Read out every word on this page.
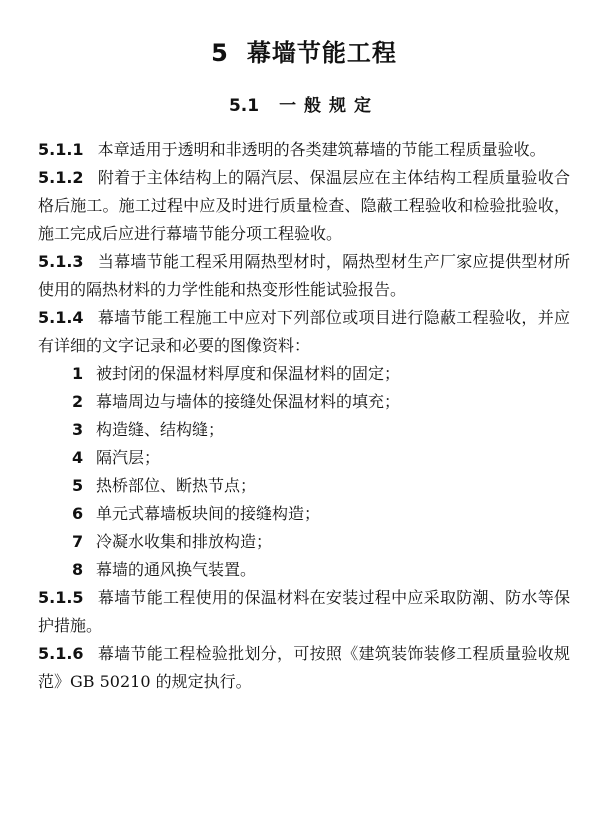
5 幕墙节能工程
5.1 一般规定

5.1.1 本章适用于透明和非透明的各类建筑幕墙的节能工程质量验收。

5.1.2 附着于主体结构上的隔汽层、保温层应在主体结构工程质量验收合格后施工。施工过程中应及时进行质量检查、隐蔽工程验收和检验批验收，施工完成后应进行幕墙节能分项工程验收。

5.1.3 当幕墙节能工程采用隔热型材时，隔热型材生产厂家应提供型材所使用的隔热材料的力学性能和热变形性能试验报告。

5.1.4 幕墙节能工程施工中应对下列部位或项目进行隐蔽工程验收，并应有详细的文字记录和必要的图像资料：

1 被封闭的保温材料厚度和保温材料的固定；
2 幕墙周边与墙体的接缝处保温材料的填充；
3 构造缝、结构缝；
4 隔汽层；
5 热桥部位、断热节点；
6 单元式幕墙板块间的接缝构造；
7 冷凝水收集和排放构造；
8 幕墙的通风换气装置。

5.1.5 幕墙节能工程使用的保温材料在安装过程中应采取防潮、防水等保护措施。

5.1.6 幕墙节能工程检验批划分，可按照《建筑装饰装修工程质量验收规范》GB 50210 的规定执行。
